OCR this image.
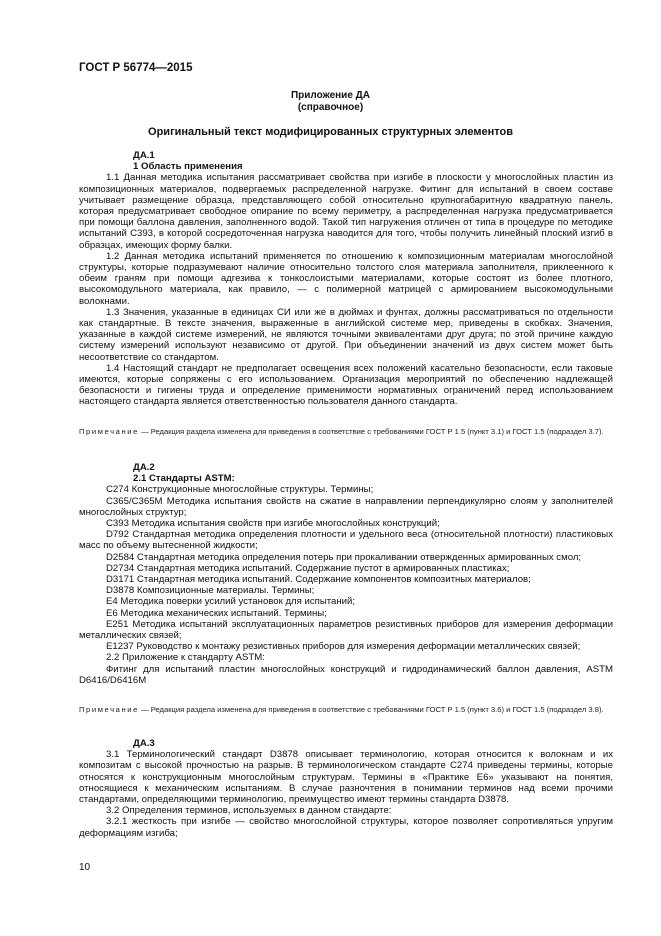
ГОСТ Р 56774—2015
Приложение ДА
(справочное)
Оригинальный текст модифицированных структурных элементов

ДА.1

1 Область применения

1.1 Данная методика испытания рассматривает свойства при изгибе в плоскости у многослойных пластин из композиционных материалов, подвергаемых распределенной нагрузке. Фитинг для испытаний в своем составе учитывает размещение образца, представляющего собой относительно крупногабаритную квадратную панель, которая предусматривает свободное опирание по всему периметру, а распределенная нагрузка предусматривается при помощи баллона давления, заполненного водой. Такой тип нагружения отличен от типа в процедуре по методике испытаний C393, в которой сосредоточенная нагрузка наводится для того, чтобы получить линейный плоский изгиб в образцах, имеющих форму балки.

1.2 Данная методика испытаний применяется по отношению к композиционным материалам многослойной структуры, которые подразумевают наличие относительно толстого слоя материала заполнителя, приклеенного к обеим граням при помощи адгезива к тонкослоистыми материалами, которые состоят из более плотного, высокомодульного материала, как правило, — с полимерной матрицей с армированием высокомодульными волокнами.

1.3 Значения, указанные в единицах СИ или же в дюймах и фунтах, должны рассматриваться по отдельности как стандартные. В тексте значения, выраженные в английской системе мер, приведены в скобках. Значения, указанные в каждой системе измерений, не являются точными эквивалентами друг друга; по этой причине каждую систему измерений используют независимо от другой. При объединении значений из двух систем может быть несоответствие со стандартом.

1.4 Настоящий стандарт не предполагает освещения всех положений касательно безопасности, если таковые имеются, которые сопряжены с его использованием. Организация мероприятий по обеспечению надлежащей безопасности и гигиены труда и определение применимости нормативных ограничений перед использованием настоящего стандарта является ответственностью пользователя данного стандарта.

Примечание — Редакция раздела изменена для приведения в соответствие с требованиями ГОСТ Р 1.5 (пункт 3.1) и ГОСТ 1.5 (подраздел 3.7).

ДА.2

2.1 Стандарты ASTM:

C274 Конструкционные многослойные структуры. Термины;

C365/C365M Методика испытания свойств на сжатие в направлении перпендикулярно слоям у заполнителей многослойных структур;

C393 Методика испытания свойств при изгибе многослойных конструкций;

D792 Стандартная методика определения плотности и удельного веса (относительной плотности) пластиковых масс по объему вытесненной жидкости;

D2584 Стандартная методика определения потерь при прокаливании отвержденных армированных смол;

D2734 Стандартная методика испытаний. Содержание пустот в армированных пластиках;

D3171 Стандартная методика испытаний. Содержание компонентов композитных материалов;

D3878 Композиционные материалы. Термины;

E4 Методика поверки усилий установок для испытаний;

E6 Методика механических испытаний. Термины;

E251 Методика испытаний эксплуатационных параметров резистивных приборов для измерения деформации металлических связей;

E1237 Руководство к монтажу резистивных приборов для измерения деформации металлических связей;

2.2 Приложение к стандарту ASTM:

Фитинг для испытаний пластин многослойных конструкций и гидродинамический баллон давления, ASTM D6416/D6416M

Примечание — Редакция раздела изменена для приведения в соответствие с требованиями ГОСТ Р 1.5 (пункт 3.6) и ГОСТ 1.5 (подраздел 3.8).

ДА.3

3.1 Терминологический стандарт D3878 описывает терминологию, которая относится к волокнам и их композитам с высокой прочностью на разрыв. В терминологическом стандарте C274 приведены термины, которые относятся к конструкционным многослойным структурам. Термины в «Практике E6» указывают на понятия, относящиеся к механическим испытаниям. В случае разночтения в понимании терминов над всеми прочими стандартами, определяющими терминологию, преимущество имеют термины стандарта D3878.

3.2 Определения терминов, используемых в данном стандарте:

3.2.1 жесткость при изгибе — свойство многослойной структуры, которое позволяет сопротивляться упругим деформациям изгиба;

10
